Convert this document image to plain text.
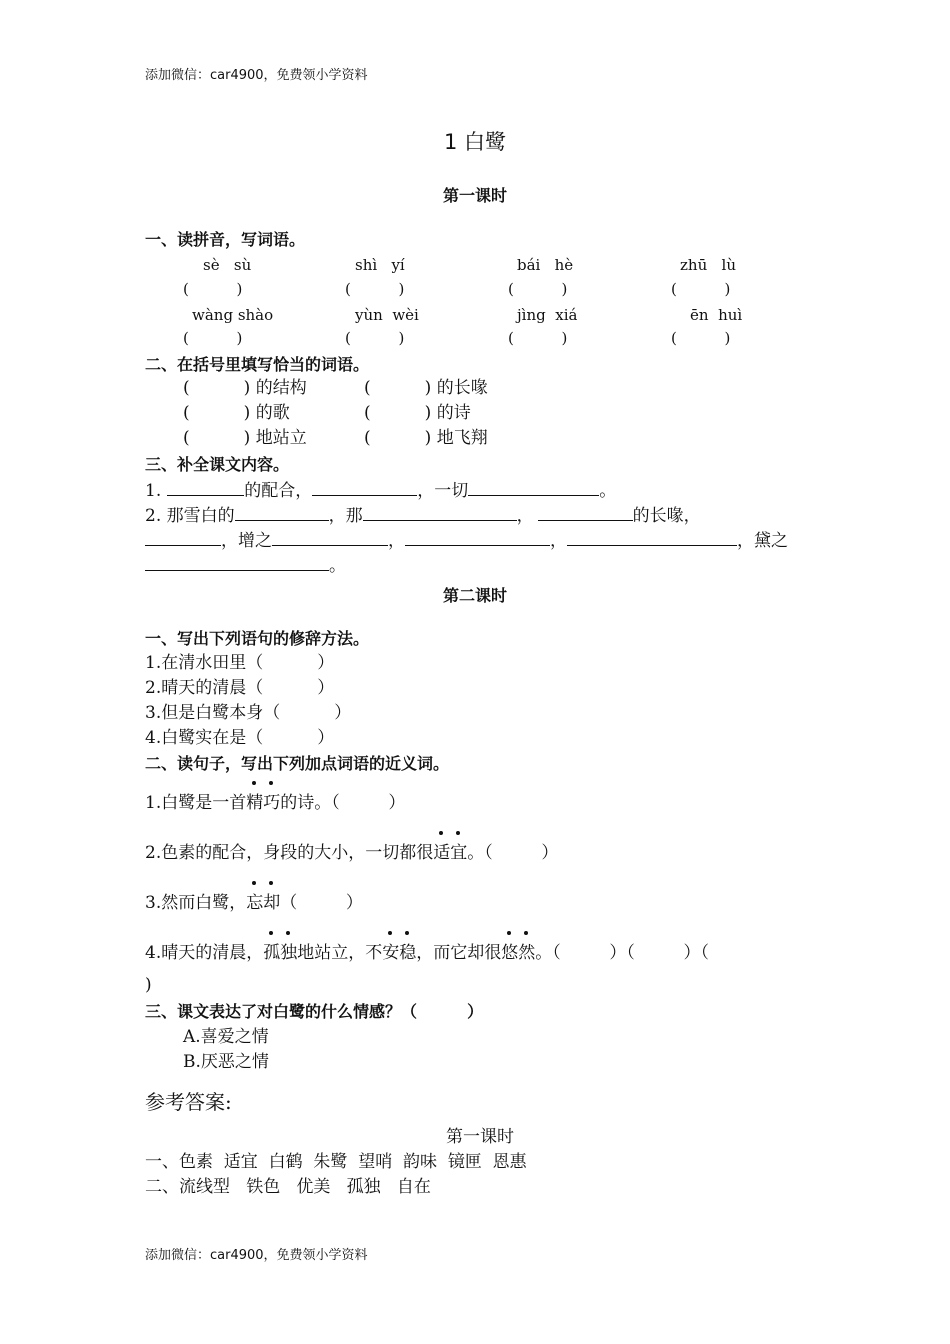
添加微信：car4900，免费领小学资料
1 白鹭
第一课时
一、读拼音，写词语。
sè   sù	shì   yí	bái   hè	zhū   lù
(          )	(          )	(          )	(          )
wàng shào	yùn  wèi	jìng  xiá	ēn  huì
(          )	(          )	(          )	(          )
二、在括号里填写恰当的词语。
(          ) 的结构	(          ) 的长喙
(          ) 的歌	(          ) 的诗
(          ) 地站立	(          ) 地飞翔
三、补全课文内容。
1.	的配合，	，一切	。
2. 那雪白的	，那	，	的长喙，
，增之	，	，	，黛之
。
第二课时
一、写出下列语句的修辞方法。
1.在清水田里（          ）
2.晴天的清晨（          ）
3.但是白鹭本身（          ）
4.白鹭实在是（          ）
二、读句子，写出下列加点词语的近义词。
1.白鹭是一首
精巧的诗。（         ）
2.色素的配合，身段的大小，一切都很
适宜。（         ）
3.然而白鹭，
忘却（         ）
4.晴天的清晨，
孤独地站立，不
安稳，而它却很
悠然。（         ）（         ）（
)
三、课文表达了对白鹭的什么情感？（         ）
A.喜爱之情
B.厌恶之情
参考答案:
第一课时
一、色素  适宜  白鹤  朱鹭  望哨  韵味  镜匣  恩惠
二、流线型   铁色   优美   孤独   自在
添加微信：car4900，免费领小学资料
